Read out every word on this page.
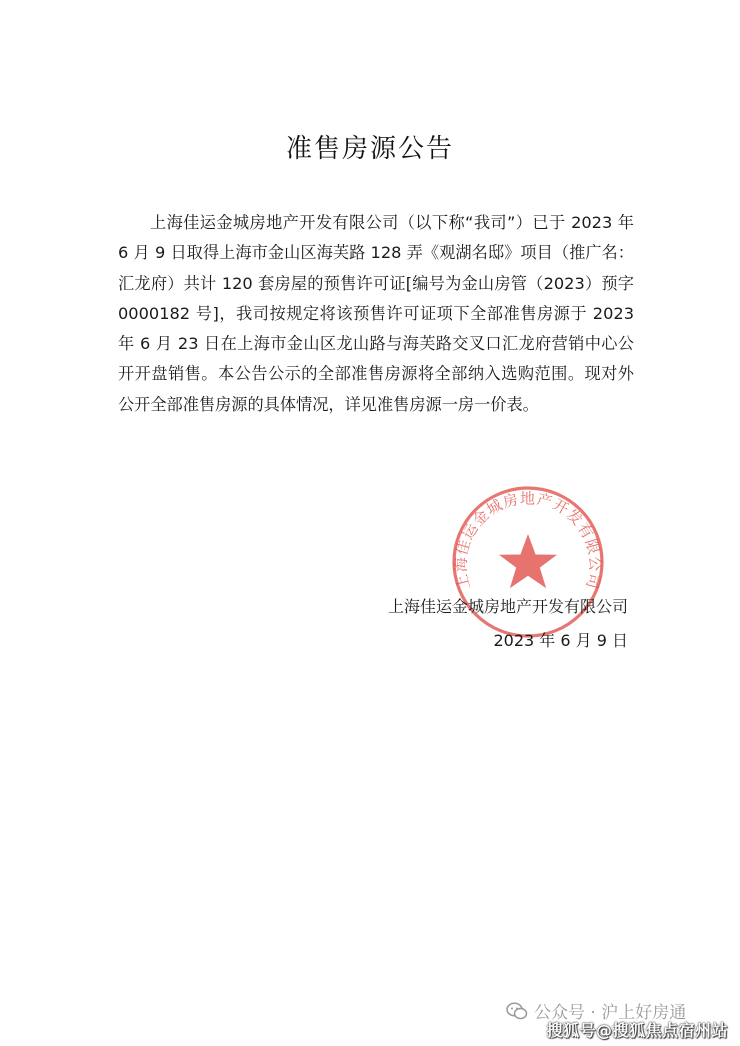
准售房源公告

上海佳运金城房地产开发有限公司（以下称“我司”）已于 2023 年 6 月 9 日取得上海市金山区海芙路 128 弄《观湖名邸》项目（推广名：汇龙府）共计 120 套房屋的预售许可证[编号为金山房管（2023）预字 0000182 号]，我司按规定将该预售许可证项下全部准售房源于 2023 年 6 月 23 日在上海市金山区龙山路与海芙路交叉口汇龙府营销中心公开开盘销售。本公告公示的全部准售房源将全部纳入选购范围。现对外公开全部准售房源的具体情况，详见准售房源一房一价表。

上海佳运金城房地产开发有限公司
上海佳运金城房地产开发有限公司
2023 年 6 月 9 日
公众号 · 沪上好房通
搜狐号@搜狐焦点宿州站
